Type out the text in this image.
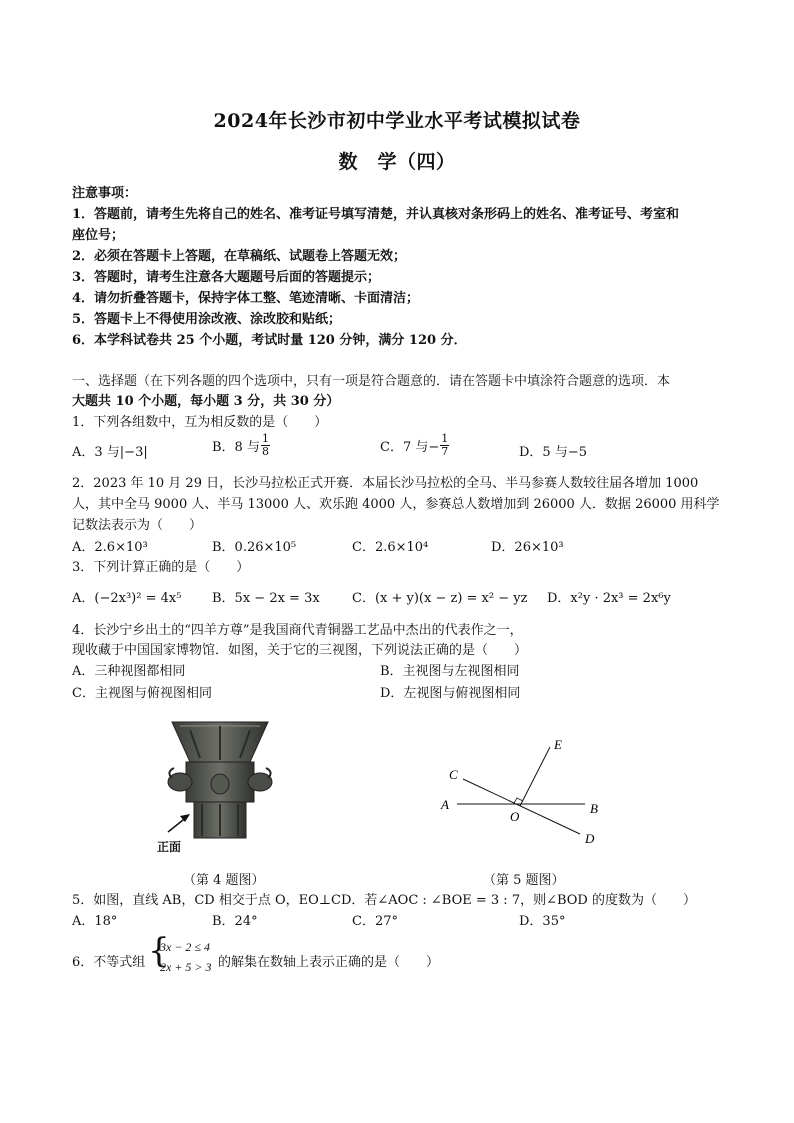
2024年长沙市初中学业水平考试模拟试卷
数　学（四）
注意事项：
1．答题前，请考生先将自己的姓名、准考证号填写清楚，并认真核对条形码上的姓名、准考证号、考室和
座位号；
2．必须在答题卡上答题，在草稿纸、试题卷上答题无效；
3．答题时，请考生注意各大题题号后面的答题提示；
4．请勿折叠答题卡，保持字体工整、笔迹清晰、卡面清洁；
5．答题卡上不得使用涂改液、涂改胶和贴纸；
6．本学科试卷共 25 个小题，考试时量 120 分钟，满分 120 分．
一、选择题（在下列各题的四个选项中，只有一项是符合题意的．请在答题卡中填涂符合题意的选项．本
大题共 10 个小题，每小题 3 分，共 30 分）
1．下列各组数中，互为相反数的是（　　）
A．3 与|−3|	B．8 与 $\frac{1}{8}$	C．7 与− $\frac{1}{7}$	D．5 与−5
2．2023 年 10 月 29 日，长沙马拉松正式开赛．本届长沙马拉松的全马、半马参赛人数较往届各增加 1000
人，其中全马 9000 人、半马 13000 人、欢乐跑 4000 人，参赛总人数增加到 26000 人．数据 26000 用科学
记数法表示为（　　）
A．2.6×10³	B．0.26×10⁵	C．2.6×10⁴	D．26×10³
3．下列计算正确的是（　　）
A．(−2x³)² = 4x⁵ B．5x − 2x = 3x C．(x + y)(x − z) = x² − yz D．x²y · 2x³ = 2x⁶y
4．长沙宁乡出土的“四羊方尊”是我国商代青铜器工艺品中杰出的代表作之一，
现收藏于中国国家博物馆．如图，关于它的三视图，下列说法正确的是（　　）
A．三种视图都相同	B．主视图与左视图相同
C．主视图与俯视图相同	D．左视图与俯视图相同
正面
（第 4 题图）
E
C
A
O
B
D
（第 5 题图）
5．如图，直线 AB，CD 相交于点 O，EO⊥CD．若∠AOC : ∠BOE = 3 : 7，则∠BOD 的度数为（　　）
A．18°	B．24°	C．27°	D．35°
6．不等式组 {
3x − 2 ≤ 4
2x + 5 > 3 的解集在数轴上表示正确的是（　　）
